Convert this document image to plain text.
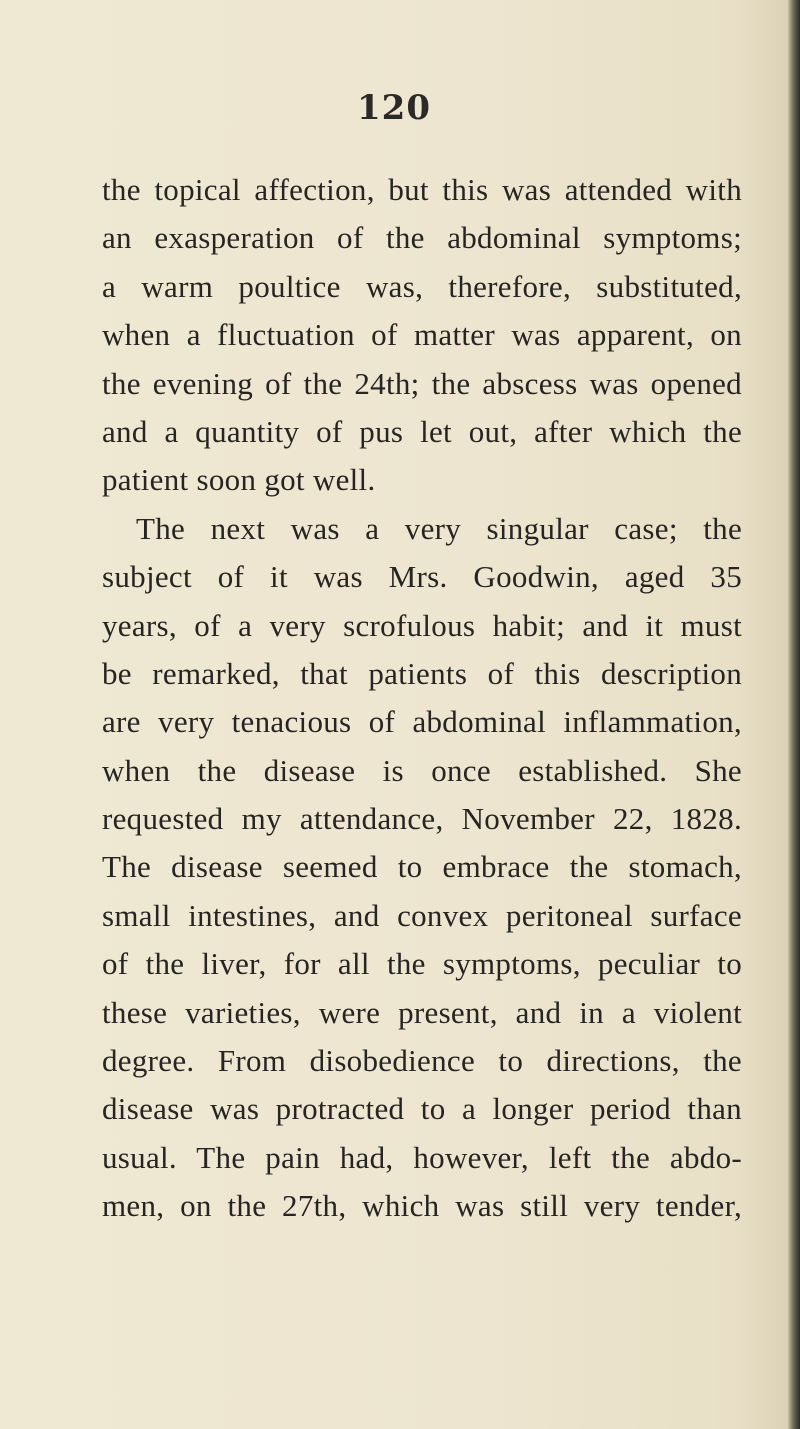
120
the topical affection, but this was attended with
an exasperation of the abdominal symptoms;
a warm poultice was, therefore, substituted,
when a fluctuation of matter was apparent, on
the evening of the 24th; the abscess was opened
and a quantity of pus let out, after which the
patient soon got well.
The next was a very singular case; the
subject of it was Mrs. Goodwin, aged 35
years, of a very scrofulous habit; and it must
be remarked, that patients of this description
are very tenacious of abdominal inflammation,
when the disease is once established. She
requested my attendance, November 22, 1828.
The disease seemed to embrace the stomach,
small intestines, and convex peritoneal surface
of the liver, for all the symptoms, peculiar to
these varieties, were present, and in a violent
degree. From disobedience to directions, the
disease was protracted to a longer period than
usual. The pain had, however, left the abdo-
men, on the 27th, which was still very tender,
